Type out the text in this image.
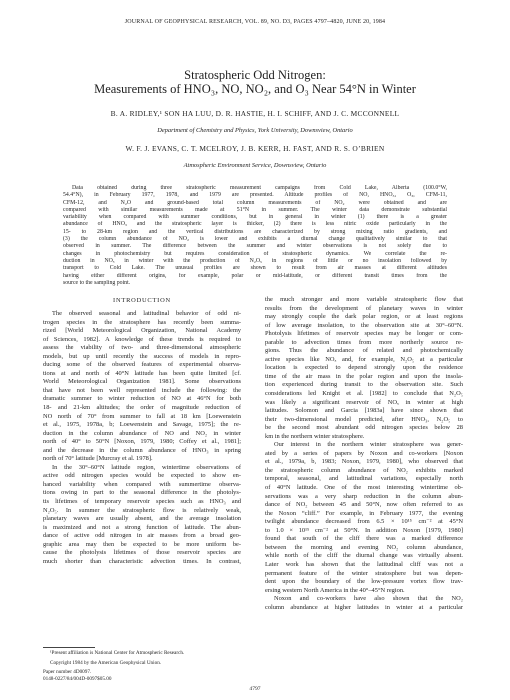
JOURNAL OF GEOPHYSICAL RESEARCH, VOL. 89, NO. D3, PAGES 4797–4820, JUNE 20, 1984
Stratospheric Odd Nitrogen:
Measurements of HNO₃, NO, NO₂, and O₃ Near 54°N in Winter
B. A. RIDLEY,¹ SON HA LUU, D. R. HASTIE, H. I. SCHIFF, AND J. C. MCCONNELL
Department of Chemistry and Physics, York University, Downsview, Ontario
W. F. J. EVANS, C. T. MCELROY, J. B. KERR, H. FAST, AND R. S. O’BRIEN
Atmospheric Environment Service, Downsview, Ontario
Data obtained during three stratospheric measurement campaigns from Cold Lake, Alberta (100.0°W,
54.4°N), in February 1977, 1978, and 1979 are presented. Altitude profiles of NO, HNO₃, O₃, CFM-11,
CFM-12, and N₂O and ground-based total column measurements of NO₂ were obtained and are
compared with similar measurements made at 51°N in summer. The winter data demonstrate substantial
variability when compared with summer conditions, but in general in winter (1) there is a greater
abundance of HNO₃ and the stratospheric layer is thicker, (2) there is less nitric oxide particularly in the
15- to 28-km region and the vertical distributions are characterized by strong mixing ratio gradients, and
(3) the column abundance of NO₂ is lower and exhibits a diurnal change qualitatively similar to that
observed in summer. The difference between the summer and winter observations is not solely due to
changes in photochemistry but requires consideration of stratospheric dynamics. We correlate the re-
duction in NOₓ in winter with the production of N₂O₅ in regions of little or no insolation followed by
transport to Cold Lake. The unusual profiles are shown to result from air masses at different altitudes
having either different origins, for example, polar or mid-latitude, or different transit times from the
source to the sampling point.
INTRODUCTION
The observed seasonal and latitudinal behavior of odd ni-
trogen species in the stratosphere has recently been summa-
rized [World Meteorological Organization, National Academy
of Sciences, 1982]. A knowledge of these trends is required to
assess the viability of two- and three-dimensional atmospheric
models, but up until recently the success of models in repro-
ducing some of the observed features of experimental observa-
tions at and north of 40°N latitude has been quite limited [cf.
World Meteorological Organization 1981]. Some observations
that have not been well represented include the following: the
dramatic summer to winter reduction of NO at 46°N for both
18- and 21-km altitudes; the order of magnitude reduction of
NO north of 70° from summer to fall at 18 km [Loewenstein
et al., 1975, 1978a, b; Loewenstein and Savage, 1975]; the re-
duction in the column abundance of NO and NO₂ in winter
north of 40° to 50°N [Noxon, 1979, 1980; Coffey et al., 1981];
and the decrease in the column abundance of HNO₃ in spring
north of 70° latitude [Murcray et al. 1978].
In the 30°–60°N latitude region, wintertime observations of
active odd nitrogen species would be expected to show en-
hanced variability when compared with summertime observa-
tions owing in part to the seasonal difference in the photolys-
tis lifetimes of temporary reservoir species such as HNO₃ and
N₂O₅. In summer the stratospheric flow is relatively weak,
planetary waves are usually absent, and the average insolation
is maximized and not a strong function of latitude. The abun-
dance of active odd nitrogen in air masses from a broad geo-
graphic area may then be expected to be more uniform be-
cause the photolysis lifetimes of those reservoir species are
much shorter than characteristic advection times. In contrast,
the much stronger and more variable stratospheric flow that
results from the development of planetary waves in winter
may strongly couple the dark polar region, or at least regions
of low average insolation, to the observation site at 30°–60°N.
Photolysis lifetimes of reservoir species may be longer or com-
parable to advection times from more northerly source re-
gions. Thus the abundance of related and photochemically
active species like NOₓ and, for example, N₂O₅ at a particular
location is expected to depend strongly upon the residence
time of the air mass in the polar region and upon the insola-
tion experienced during transit to the observation site. Such
considerations led Knight et al. [1982] to conclude that N₂O₅
was likely a significant reservoir of NOₓ in winter at high
latitudes. Solomon and Garcia [1983a] have since shown that
their two-dimensional model predicted, after HNO₃, N₂O₅ to
be the second most abundant odd nitrogen species below 28
km in the northern winter stratosphere.
Our interest in the northern winter stratosphere was gener-
ated by a series of papers by Noxon and co-workers [Noxon
et al., 1979a, b, 1983; Noxon, 1979, 1980], who observed that
the stratospheric column abundance of NO₂ exhibits marked
temporal, seasonal, and latitudinal variations, especially north
of 40°N latitude. One of the most interesting wintertime ob-
servations was a very sharp reduction in the column abun-
dance of NO₂ between 45 and 50°N, now often referred to as
the Noxon “cliff.” For example, in February 1977, the evening
twilight abundance decreased from 6.5 × 10¹⁵ cm⁻² at 45°N
to 1.0 × 10¹⁵ cm⁻² at 50°N. In addition Noxon [1979, 1980]
found that south of the cliff there was a marked difference
between the morning and evening NO₂ column abundance,
while north of the cliff the diurnal change was virtually absent.
Later work has shown that the latitudinal cliff was not a
permanent feature of the winter stratosphere but was depen-
dent upon the boundary of the low-pressure vortex flow trav-
ersing western North America in the 40°–45°N region.
Noxon and co-workers have also shown that the NO₂
column abundance at higher latitudes in winter at a particular
¹Present affiliation is National Center for Atmospheric Research.
Copyright 1984 by the American Geophysical Union.
Paper number 4D0097.
0148-0227/84/004D-0097$05.00
4797
